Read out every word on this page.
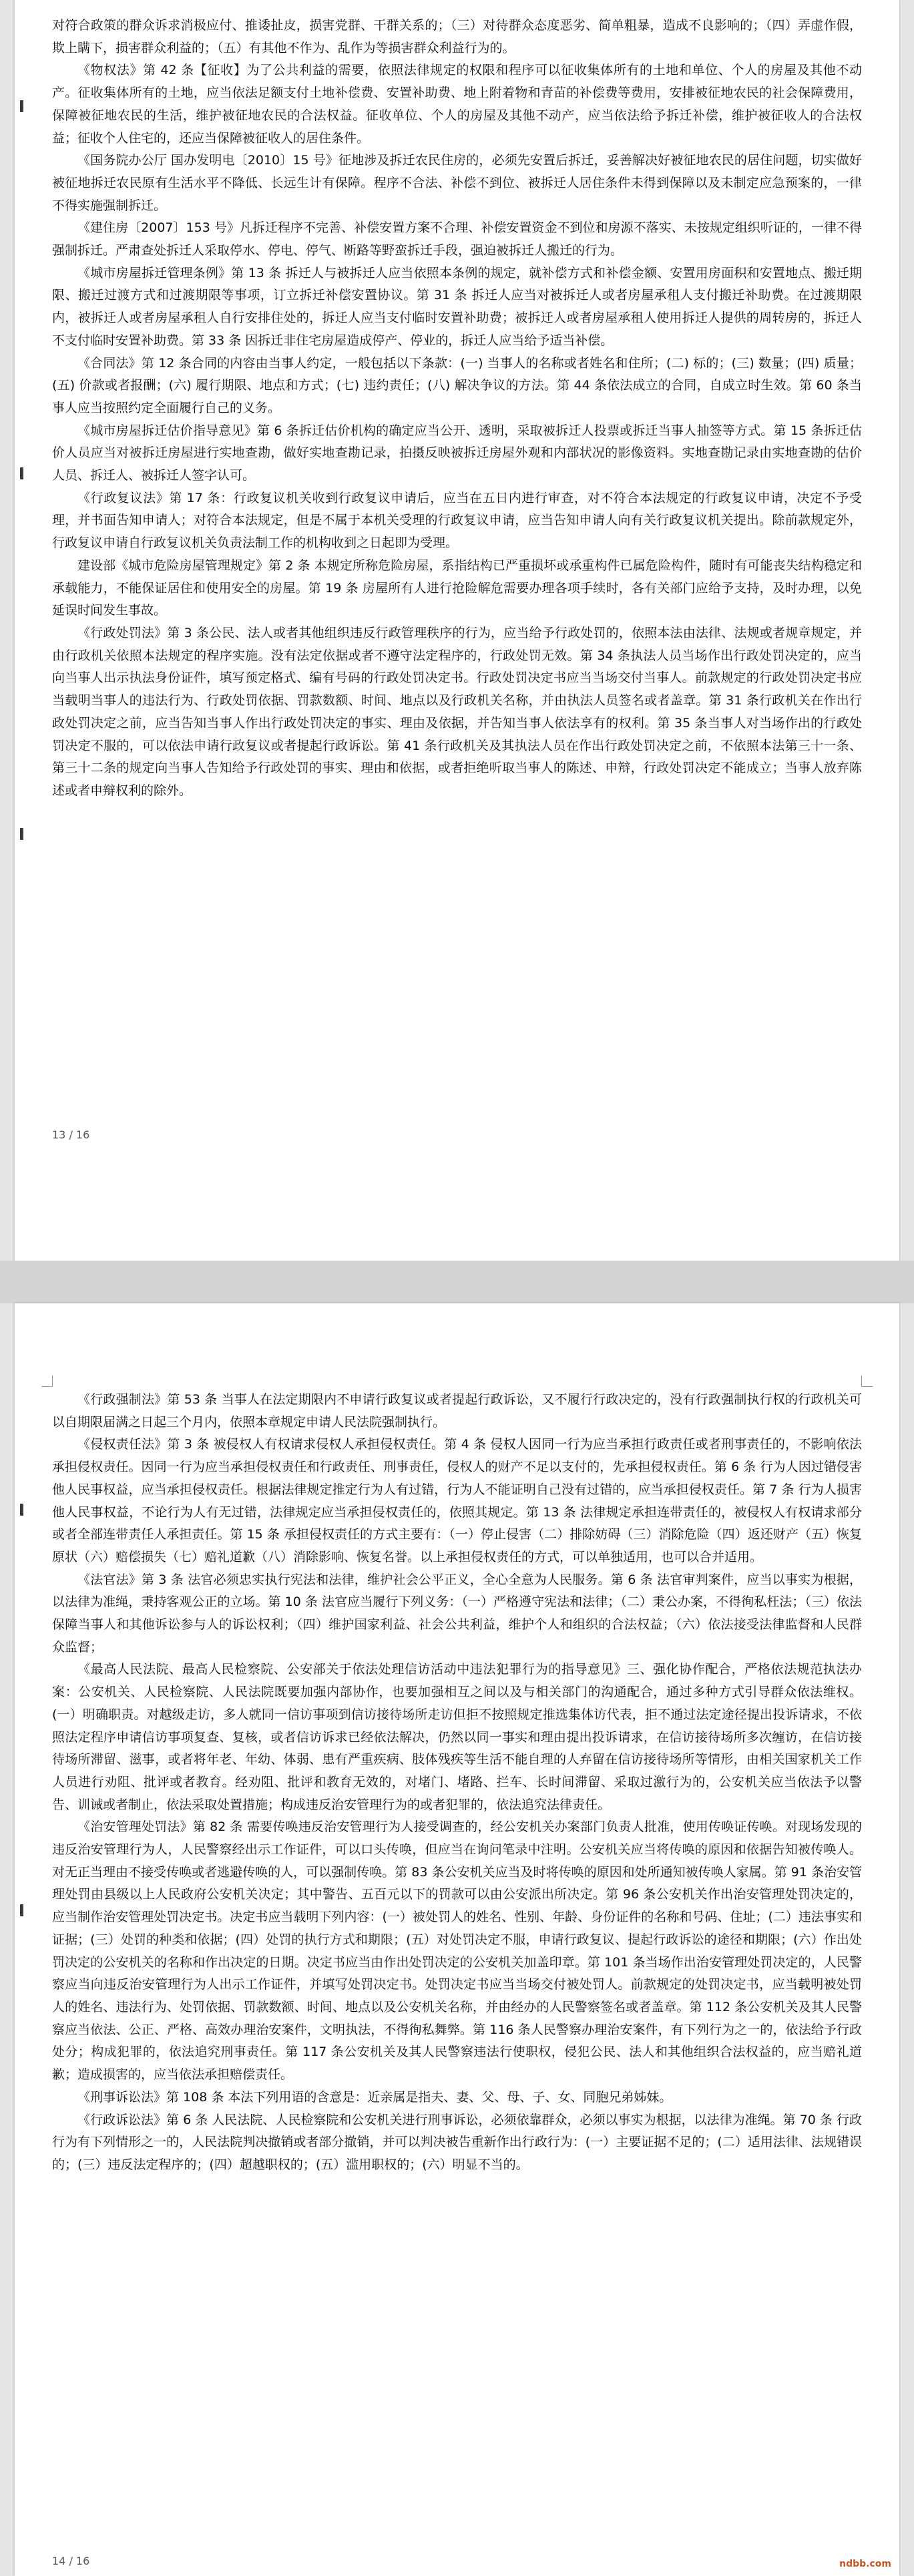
对符合政策的群众诉求消极应付、推诿扯皮，损害党群、干群关系的；（三）对待群众态度恶劣、简单粗暴，造成不良影响的；（四）弄虚作假，欺上瞒下，损害群众利益的；（五）有其他不作为、乱作为等损害群众利益行为的。

《物权法》第 42 条【征收】为了公共利益的需要，依照法律规定的权限和程序可以征收集体所有的土地和单位、个人的房屋及其他不动产。征收集体所有的土地，应当依法足额支付土地补偿费、安置补助费、地上附着物和青苗的补偿费等费用，安排被征地农民的社会保障费用，保障被征地农民的生活，维护被征地农民的合法权益。征收单位、个人的房屋及其他不动产，应当依法给予拆迁补偿，维护被征收人的合法权益；征收个人住宅的，还应当保障被征收人的居住条件。

《国务院办公厅 国办发明电〔2010〕15 号》征地涉及拆迁农民住房的，必须先安置后拆迁，妥善解决好被征地农民的居住问题，切实做好被征地拆迁农民原有生活水平不降低、长远生计有保障。程序不合法、补偿不到位、被拆迁人居住条件未得到保障以及未制定应急预案的，一律不得实施强制拆迁。

《建住房〔2007〕153 号》凡拆迁程序不完善、补偿安置方案不合理、补偿安置资金不到位和房源不落实、未按规定组织听证的，一律不得强制拆迁。严肃查处拆迁人采取停水、停电、停气、断路等野蛮拆迁手段，强迫被拆迁人搬迁的行为。

《城市房屋拆迁管理条例》第 13 条 拆迁人与被拆迁人应当依照本条例的规定，就补偿方式和补偿金额、安置用房面积和安置地点、搬迁期限、搬迁过渡方式和过渡期限等事项，订立拆迁补偿安置协议。第 31 条 拆迁人应当对被拆迁人或者房屋承租人支付搬迁补助费。在过渡期限内，被拆迁人或者房屋承租人自行安排住处的，拆迁人应当支付临时安置补助费；被拆迁人或者房屋承租人使用拆迁人提供的周转房的，拆迁人不支付临时安置补助费。第 33 条 因拆迁非住宅房屋造成停产、停业的，拆迁人应当给予适当补偿。

《合同法》第 12 条合同的内容由当事人约定，一般包括以下条款：(一) 当事人的名称或者姓名和住所；(二) 标的；(三) 数量；(四) 质量；(五) 价款或者报酬；(六) 履行期限、地点和方式；(七) 违约责任；(八) 解决争议的方法。第 44 条依法成立的合同，自成立时生效。第 60 条当事人应当按照约定全面履行自己的义务。

《城市房屋拆迁估价指导意见》第 6 条拆迁估价机构的确定应当公开、透明，采取被拆迁人投票或拆迁当事人抽签等方式。第 15 条拆迁估价人员应当对被拆迁房屋进行实地查勘，做好实地查勘记录，拍摄反映被拆迁房屋外观和内部状况的影像资料。实地查勘记录由实地查勘的估价人员、拆迁人、被拆迁人签字认可。

《行政复议法》第 17 条：行政复议机关收到行政复议申请后，应当在五日内进行审查，对不符合本法规定的行政复议申请，决定不予受理，并书面告知申请人；对符合本法规定，但是不属于本机关受理的行政复议申请，应当告知申请人向有关行政复议机关提出。除前款规定外，行政复议申请自行政复议机关负责法制工作的机构收到之日起即为受理。

建设部《城市危险房屋管理规定》第 2 条 本规定所称危险房屋，系指结构已严重损坏或承重构件已属危险构件，随时有可能丧失结构稳定和承载能力，不能保证居住和使用安全的房屋。第 19 条 房屋所有人进行抢险解危需要办理各项手续时，各有关部门应给予支持，及时办理，以免延误时间发生事故。

《行政处罚法》第 3 条公民、法人或者其他组织违反行政管理秩序的行为，应当给予行政处罚的，依照本法由法律、法规或者规章规定，并由行政机关依照本法规定的程序实施。没有法定依据或者不遵守法定程序的，行政处罚无效。第 34 条执法人员当场作出行政处罚决定的，应当向当事人出示执法身份证件，填写预定格式、编有号码的行政处罚决定书。行政处罚决定书应当当场交付当事人。前款规定的行政处罚决定书应当载明当事人的违法行为、行政处罚依据、罚款数额、时间、地点以及行政机关名称，并由执法人员签名或者盖章。第 31 条行政机关在作出行政处罚决定之前，应当告知当事人作出行政处罚决定的事实、理由及依据，并告知当事人依法享有的权利。第 35 条当事人对当场作出的行政处罚决定不服的，可以依法申请行政复议或者提起行政诉讼。第 41 条行政机关及其执法人员在作出行政处罚决定之前，不依照本法第三十一条、第三十二条的规定向当事人告知给予行政处罚的事实、理由和依据，或者拒绝听取当事人的陈述、申辩，行政处罚决定不能成立；当事人放弃陈述或者申辩权利的除外。

13 / 16

《行政强制法》第 53 条 当事人在法定期限内不申请行政复议或者提起行政诉讼，又不履行行政决定的，没有行政强制执行权的行政机关可以自期限届满之日起三个月内，依照本章规定申请人民法院强制执行。

《侵权责任法》第 3 条 被侵权人有权请求侵权人承担侵权责任。第 4 条 侵权人因同一行为应当承担行政责任或者刑事责任的，不影响依法承担侵权责任。因同一行为应当承担侵权责任和行政责任、刑事责任，侵权人的财产不足以支付的，先承担侵权责任。第 6 条 行为人因过错侵害他人民事权益，应当承担侵权责任。根据法律规定推定行为人有过错，行为人不能证明自己没有过错的，应当承担侵权责任。第 7 条 行为人损害他人民事权益，不论行为人有无过错，法律规定应当承担侵权责任的，依照其规定。第 13 条 法律规定承担连带责任的，被侵权人有权请求部分或者全部连带责任人承担责任。第 15 条 承担侵权责任的方式主要有：（一）停止侵害（二）排除妨碍（三）消除危险（四）返还财产（五）恢复原状（六）赔偿损失（七）赔礼道歉（八）消除影响、恢复名誉。以上承担侵权责任的方式，可以单独适用，也可以合并适用。

《法官法》第 3 条 法官必须忠实执行宪法和法律，维护社会公平正义，全心全意为人民服务。第 6 条 法官审判案件，应当以事实为根据，以法律为准绳，秉持客观公正的立场。第 10 条 法官应当履行下列义务：（一）严格遵守宪法和法律；（二）秉公办案，不得徇私枉法；（三）依法保障当事人和其他诉讼参与人的诉讼权利；（四）维护国家利益、社会公共利益，维护个人和组织的合法权益；（六）依法接受法律监督和人民群众监督；

《最高人民法院、最高人民检察院、公安部关于依法处理信访活动中违法犯罪行为的指导意见》三、强化协作配合，严格依法规范执法办案：公安机关、人民检察院、人民法院既要加强内部协作，也要加强相互之间以及与相关部门的沟通配合，通过多种方式引导群众依法维权。(一）明确职责。对越级走访，多人就同一信访事项到信访接待场所走访但拒不按照规定推选集体访代表，拒不通过法定途径提出投诉请求，不依照法定程序申请信访事项复查、复核，或者信访诉求已经依法解决，仍然以同一事实和理由提出投诉请求，在信访接待场所多次缠访，在信访接待场所滞留、滋事，或者将年老、年幼、体弱、患有严重疾病、肢体残疾等生活不能自理的人弃留在信访接待场所等情形，由相关国家机关工作人员进行劝阻、批评或者教育。经劝阻、批评和教育无效的，对堵门、堵路、拦车、长时间滞留、采取过激行为的，公安机关应当依法予以警告、训诫或者制止，依法采取处置措施；构成违反治安管理行为的或者犯罪的，依法追究法律责任。

《治安管理处罚法》第 82 条 需要传唤违反治安管理行为人接受调查的，经公安机关办案部门负责人批准，使用传唤证传唤。对现场发现的违反治安管理行为人，人民警察经出示工作证件，可以口头传唤，但应当在询问笔录中注明。公安机关应当将传唤的原因和依据告知被传唤人。对无正当理由不接受传唤或者逃避传唤的人，可以强制传唤。第 83 条公安机关应当及时将传唤的原因和处所通知被传唤人家属。第 91 条治安管理处罚由县级以上人民政府公安机关决定；其中警告、五百元以下的罚款可以由公安派出所决定。第 96 条公安机关作出治安管理处罚决定的，应当制作治安管理处罚决定书。决定书应当载明下列内容：(一）被处罚人的姓名、性别、年龄、身份证件的名称和号码、住址；(二）违法事实和证据；(三）处罚的种类和依据；(四）处罚的执行方式和期限；(五）对处罚决定不服，申请行政复议、提起行政诉讼的途径和期限；(六）作出处罚决定的公安机关的名称和作出决定的日期。决定书应当由作出处罚决定的公安机关加盖印章。第 101 条当场作出治安管理处罚决定的，人民警察应当向违反治安管理行为人出示工作证件，并填写处罚决定书。处罚决定书应当当场交付被处罚人。前款规定的处罚决定书，应当载明被处罚人的姓名、违法行为、处罚依据、罚款数额、时间、地点以及公安机关名称，并由经办的人民警察签名或者盖章。第 112 条公安机关及其人民警察应当依法、公正、严格、高效办理治安案件，文明执法，不得徇私舞弊。第 116 条人民警察办理治安案件，有下列行为之一的，依法给予行政处分；构成犯罪的，依法追究刑事责任。第 117 条公安机关及其人民警察违法行使职权，侵犯公民、法人和其他组织合法权益的，应当赔礼道歉；造成损害的，应当依法承担赔偿责任。

《刑事诉讼法》第 108 条 本法下列用语的含意是：近亲属是指夫、妻、父、母、子、女、同胞兄弟姊妹。

《行政诉讼法》第 6 条 人民法院、人民检察院和公安机关进行刑事诉讼，必须依靠群众，必须以事实为根据，以法律为准绳。第 70 条 行政行为有下列情形之一的，人民法院判决撤销或者部分撤销，并可以判决被告重新作出行政行为：(一）主要证据不足的；(二）适用法律、法规错误的；(三）违反法定程序的；(四）超越职权的；(五）滥用职权的；(六）明显不当的。

14 / 16	ndbb.com
